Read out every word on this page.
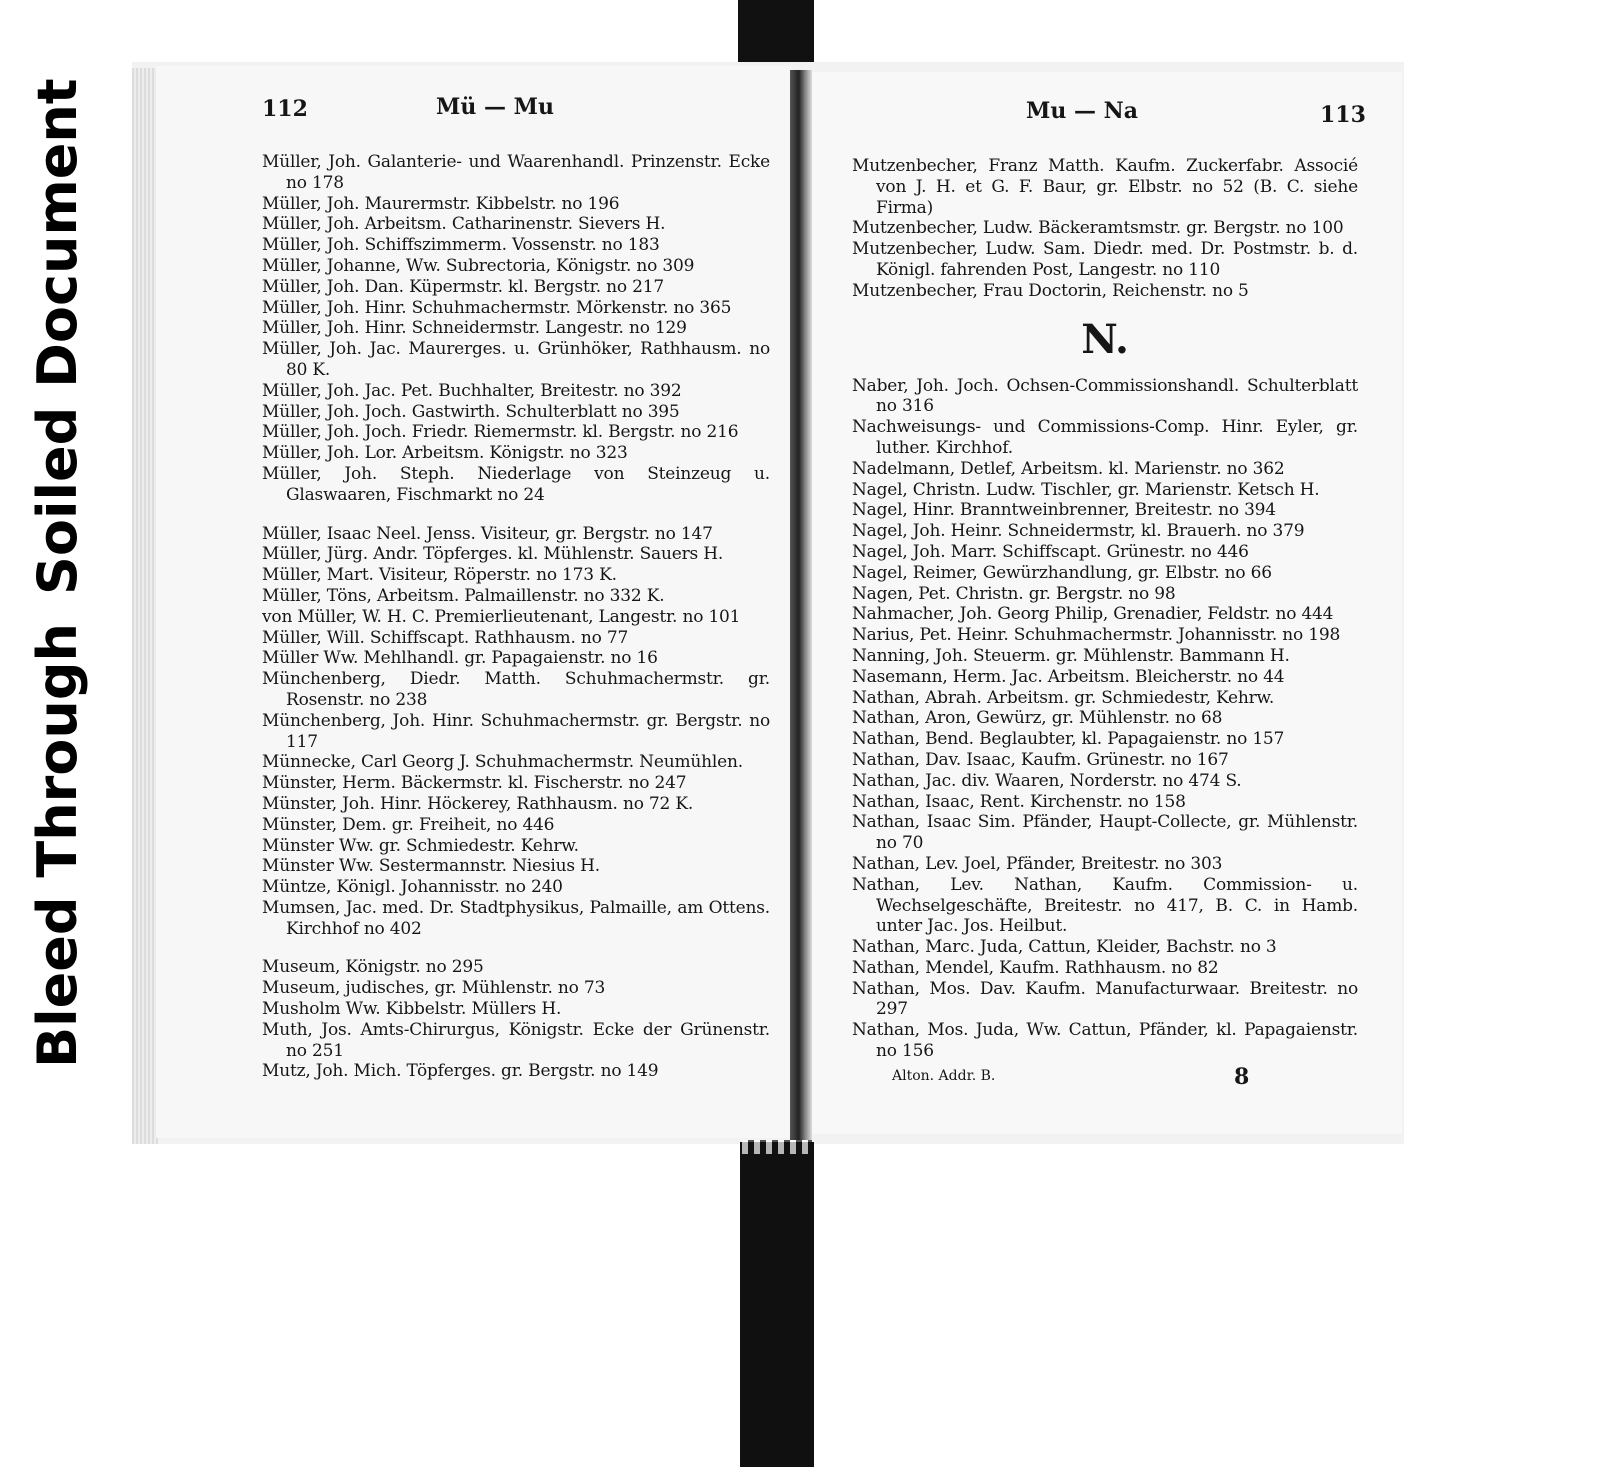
Bleed Through
Soiled Document	112	Mü — Mu	Mu — Na	113
Müller, Joh. Galanterie- und Waarenhandl. Prinzenstr. Ecke no 178
Müller, Joh. Maurermstr. Kibbelstr. no 196
Müller, Joh. Arbeitsm. Catharinenstr. Sievers H.
Müller, Joh. Schiffszimmerm. Vossenstr. no 183
Müller, Johanne, Ww. Subrectoria, Königstr. no 309
Müller, Joh. Dan. Küpermstr. kl. Bergstr. no 217
Müller, Joh. Hinr. Schuhmachermstr. Mörkenstr. no 365
Müller, Joh. Hinr. Schneidermstr. Langestr. no 129
Müller, Joh. Jac. Maurerges. u. Grünhöker, Rathhausm. no 80 K.
Müller, Joh. Jac. Pet. Buchhalter, Breitestr. no 392
Müller, Joh. Joch. Gastwirth. Schulterblatt no 395
Müller, Joh. Joch. Friedr. Riemermstr. kl. Bergstr. no 216
Müller, Joh. Lor. Arbeitsm. Königstr. no 323
Müller, Joh. Steph. Niederlage von Steinzeug u. Glaswaaren, Fischmarkt no 24
Müller, Isaac Neel. Jenss. Visiteur, gr. Bergstr. no 147
Müller, Jürg. Andr. Töpferges. kl. Mühlenstr. Sauers H.
Müller, Mart. Visiteur, Röperstr. no 173 K.
Müller, Töns, Arbeitsm. Palmaillenstr. no 332 K.
von Müller, W. H. C. Premierlieutenant, Langestr. no 101
Müller, Will. Schiffscapt. Rathhausm. no 77
Müller Ww. Mehlhandl. gr. Papagaienstr. no 16
Münchenberg, Diedr. Matth. Schuhmachermstr. gr. Rosenstr. no 238
Münchenberg, Joh. Hinr. Schuhmachermstr. gr. Bergstr. no 117
Münnecke, Carl Georg J. Schuhmachermstr. Neumühlen.
Münster, Herm. Bäckermstr. kl. Fischerstr. no 247
Münster, Joh. Hinr. Höckerey, Rathhausm. no 72 K.
Münster, Dem. gr. Freiheit, no 446
Münster Ww. gr. Schmiedestr. Kehrw.
Münster Ww. Sestermannstr. Niesius H.
Müntze, Königl. Johannisstr. no 240
Mumsen, Jac. med. Dr. Stadtphysikus, Palmaille, am Ottens. Kirchhof no 402
Museum, Königstr. no 295
Museum, judisches, gr. Mühlenstr. no 73
Musholm Ww. Kibbelstr. Müllers H.
Muth, Jos. Amts-Chirurgus, Königstr. Ecke der Grünenstr. no 251
Mutz, Joh. Mich. Töpferges. gr. Bergstr. no 149
Mutzenbecher, Franz Matth. Kaufm. Zuckerfabr. Associé von J. H. et G. F. Baur, gr. Elbstr. no 52 (B. C. siehe Firma)
Mutzenbecher, Ludw. Bäckeramtsmstr. gr. Bergstr. no 100
Mutzenbecher, Ludw. Sam. Diedr. med. Dr. Postmstr. b. d. Königl. fahrenden Post, Langestr. no 110
Mutzenbecher, Frau Doctorin, Reichenstr. no 5
N.
Naber, Joh. Joch. Ochsen-Commissionshandl. Schulterblatt no 316
Nachweisungs- und Commissions-Comp. Hinr. Eyler, gr. luther. Kirchhof.
Nadelmann, Detlef, Arbeitsm. kl. Marienstr. no 362
Nagel, Christn. Ludw. Tischler, gr. Marienstr. Ketsch H.
Nagel, Hinr. Branntweinbrenner, Breitestr. no 394
Nagel, Joh. Heinr. Schneidermstr, kl. Brauerh. no 379
Nagel, Joh. Marr. Schiffscapt. Grünestr. no 446
Nagel, Reimer, Gewürzhandlung, gr. Elbstr. no 66
Nagen, Pet. Christn. gr. Bergstr. no 98
Nahmacher, Joh. Georg Philip, Grenadier, Feldstr. no 444
Narius, Pet. Heinr. Schuhmachermstr. Johannisstr. no 198
Nanning, Joh. Steuerm. gr. Mühlenstr. Bammann H.
Nasemann, Herm. Jac. Arbeitsm. Bleicherstr. no 44
Nathan, Abrah. Arbeitsm. gr. Schmiedestr, Kehrw.
Nathan, Aron, Gewürz, gr. Mühlenstr. no 68
Nathan, Bend. Beglaubter, kl. Papagaienstr. no 157
Nathan, Dav. Isaac, Kaufm. Grünestr. no 167
Nathan, Jac. div. Waaren, Norderstr. no 474 S.
Nathan, Isaac, Rent. Kirchenstr. no 158
Nathan, Isaac Sim. Pfänder, Haupt-Collecte, gr. Mühlenstr. no 70
Nathan, Lev. Joel, Pfänder, Breitestr. no 303
Nathan, Lev. Nathan, Kaufm. Commission- u. Wechselgeschäfte, Breitestr. no 417, B. C. in Hamb. unter Jac. Jos. Heilbut.
Nathan, Marc. Juda, Cattun, Kleider, Bachstr. no 3
Nathan, Mendel, Kaufm. Rathhausm. no 82
Nathan, Mos. Dav. Kaufm. Manufacturwaar. Breitestr. no 297
Nathan, Mos. Juda, Ww. Cattun, Pfänder, kl. Papagaienstr. no 156
Alton. Addr. B.	8
